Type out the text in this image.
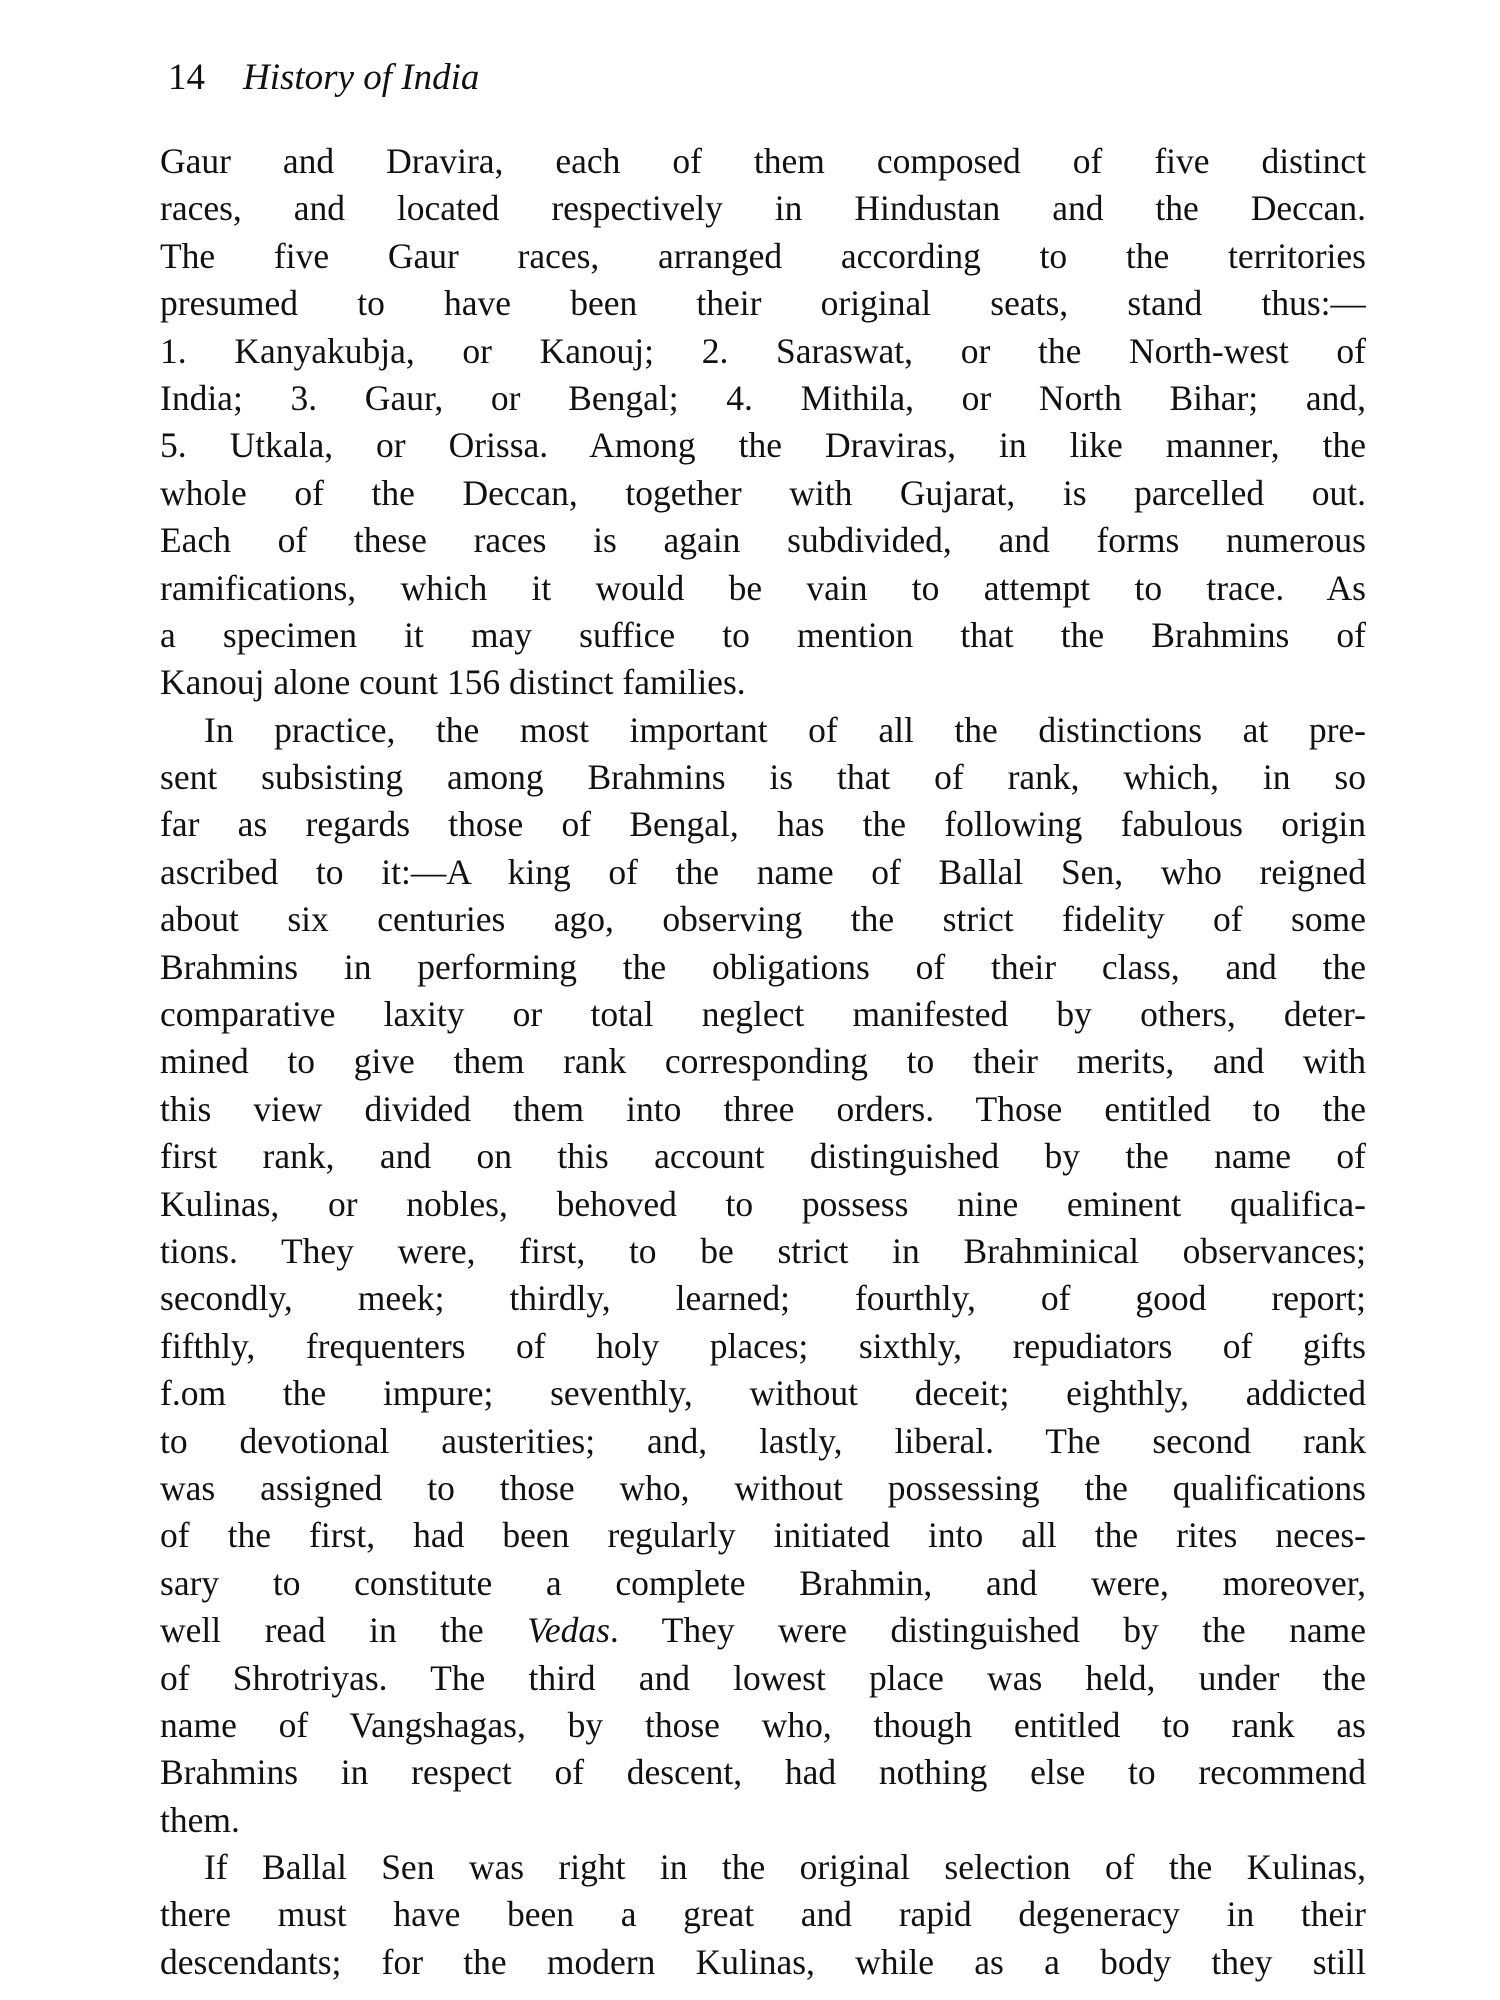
14 History of India
Gaur and Dravira, each of them composed of five distinct
races, and located respectively in Hindustan and the Deccan.
The five Gaur races, arranged according to the territories
presumed to have been their original seats, stand thus:—
1. Kanyakubja, or Kanouj; 2. Saraswat, or the North-west of
India; 3. Gaur, or Bengal; 4. Mithila, or North Bihar; and,
5. Utkala, or Orissa. Among the Draviras, in like manner, the
whole of the Deccan, together with Gujarat, is parcelled out.
Each of these races is again subdivided, and forms numerous
ramifications, which it would be vain to attempt to trace. As
a specimen it may suffice to mention that the Brahmins of
Kanouj alone count 156 distinct families.
In practice, the most important of all the distinctions at pre-
sent subsisting among Brahmins is that of rank, which, in so
far as regards those of Bengal, has the following fabulous origin
ascribed to it:—A king of the name of Ballal Sen, who reigned
about six centuries ago, observing the strict fidelity of some
Brahmins in performing the obligations of their class, and the
comparative laxity or total neglect manifested by others, deter-
mined to give them rank corresponding to their merits, and with
this view divided them into three orders. Those entitled to the
first rank, and on this account distinguished by the name of
Kulinas, or nobles, behoved to possess nine eminent qualifica-
tions. They were, first, to be strict in Brahminical observances;
secondly, meek; thirdly, learned; fourthly, of good report;
fifthly, frequenters of holy places; sixthly, repudiators of gifts
f.om the impure; seventhly, without deceit; eighthly, addicted
to devotional austerities; and, lastly, liberal. The second rank
was assigned to those who, without possessing the qualifications
of the first, had been regularly initiated into all the rites neces-
sary to constitute a complete Brahmin, and were, moreover,
well read in the Vedas. They were distinguished by the name
of Shrotriyas. The third and lowest place was held, under the
name of Vangshagas, by those who, though entitled to rank as
Brahmins in respect of descent, had nothing else to recommend
them.
If Ballal Sen was right in the original selection of the Kulinas,
there must have been a great and rapid degeneracy in their
descendants; for the modern Kulinas, while as a body they still
